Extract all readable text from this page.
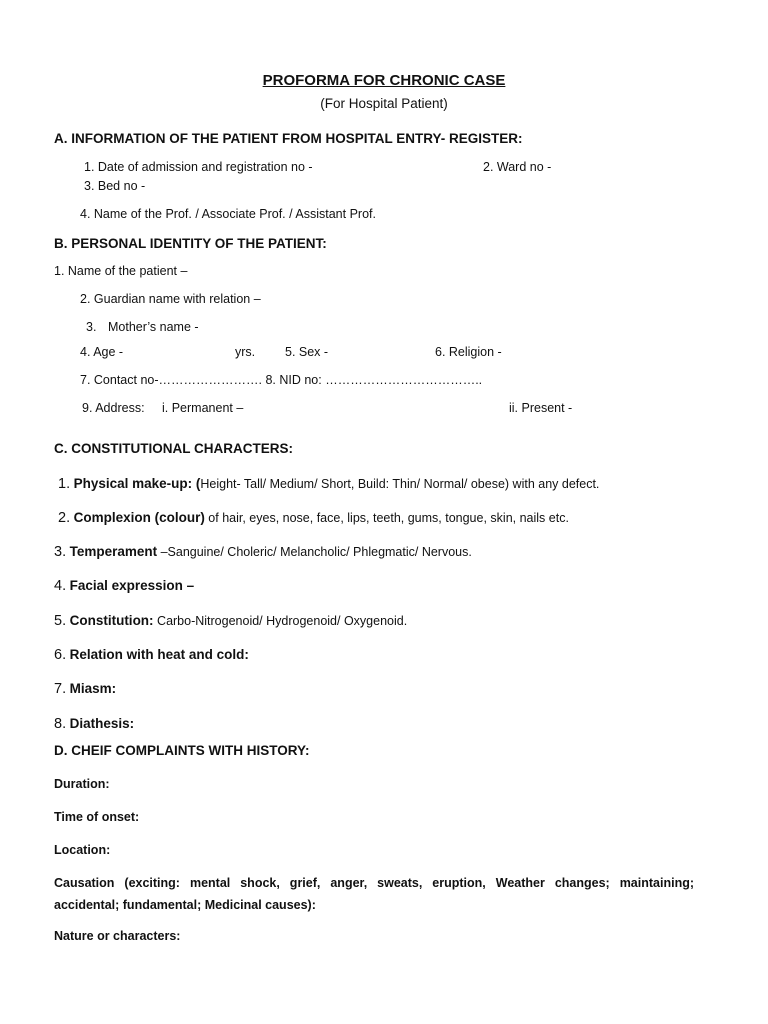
PROFORMA FOR CHRONIC CASE
(For Hospital Patient)
A. INFORMATION OF THE PATIENT FROM HOSPITAL ENTRY- REGISTER:
1. Date of admission and registration no -	2. Ward no -
3. Bed no -
4. Name of the Prof. / Associate Prof. / Assistant Prof.
B. PERSONAL IDENTITY OF THE PATIENT:
1. Name of the patient –
2. Guardian name with relation –
3. Mother’s name -
4. Age -	yrs. 5. Sex -	6. Religion -
7. Contact no-……………………. 8. NID no: ………………………………..
9. Address: i. Permanent –	ii. Present -
C. CONSTITUTIONAL CHARACTERS:
1. Physical make-up: (Height- Tall/ Medium/ Short, Build: Thin/ Normal/ obese) with any defect.
2. Complexion (colour) of hair, eyes, nose, face, lips, teeth, gums, tongue, skin, nails etc.
3. Temperament –Sanguine/ Choleric/ Melancholic/ Phlegmatic/ Nervous.
4. Facial expression –
5. Constitution: Carbo-Nitrogenoid/ Hydrogenoid/ Oxygenoid.
6. Relation with heat and cold:
7. Miasm:
8. Diathesis:
D. CHEIF COMPLAINTS WITH HISTORY:
Duration:
Time of onset:
Location:
Causation (exciting: mental shock, grief, anger, sweats, eruption, Weather changes; maintaining; accidental; fundamental; Medicinal causes):
Nature or characters:
